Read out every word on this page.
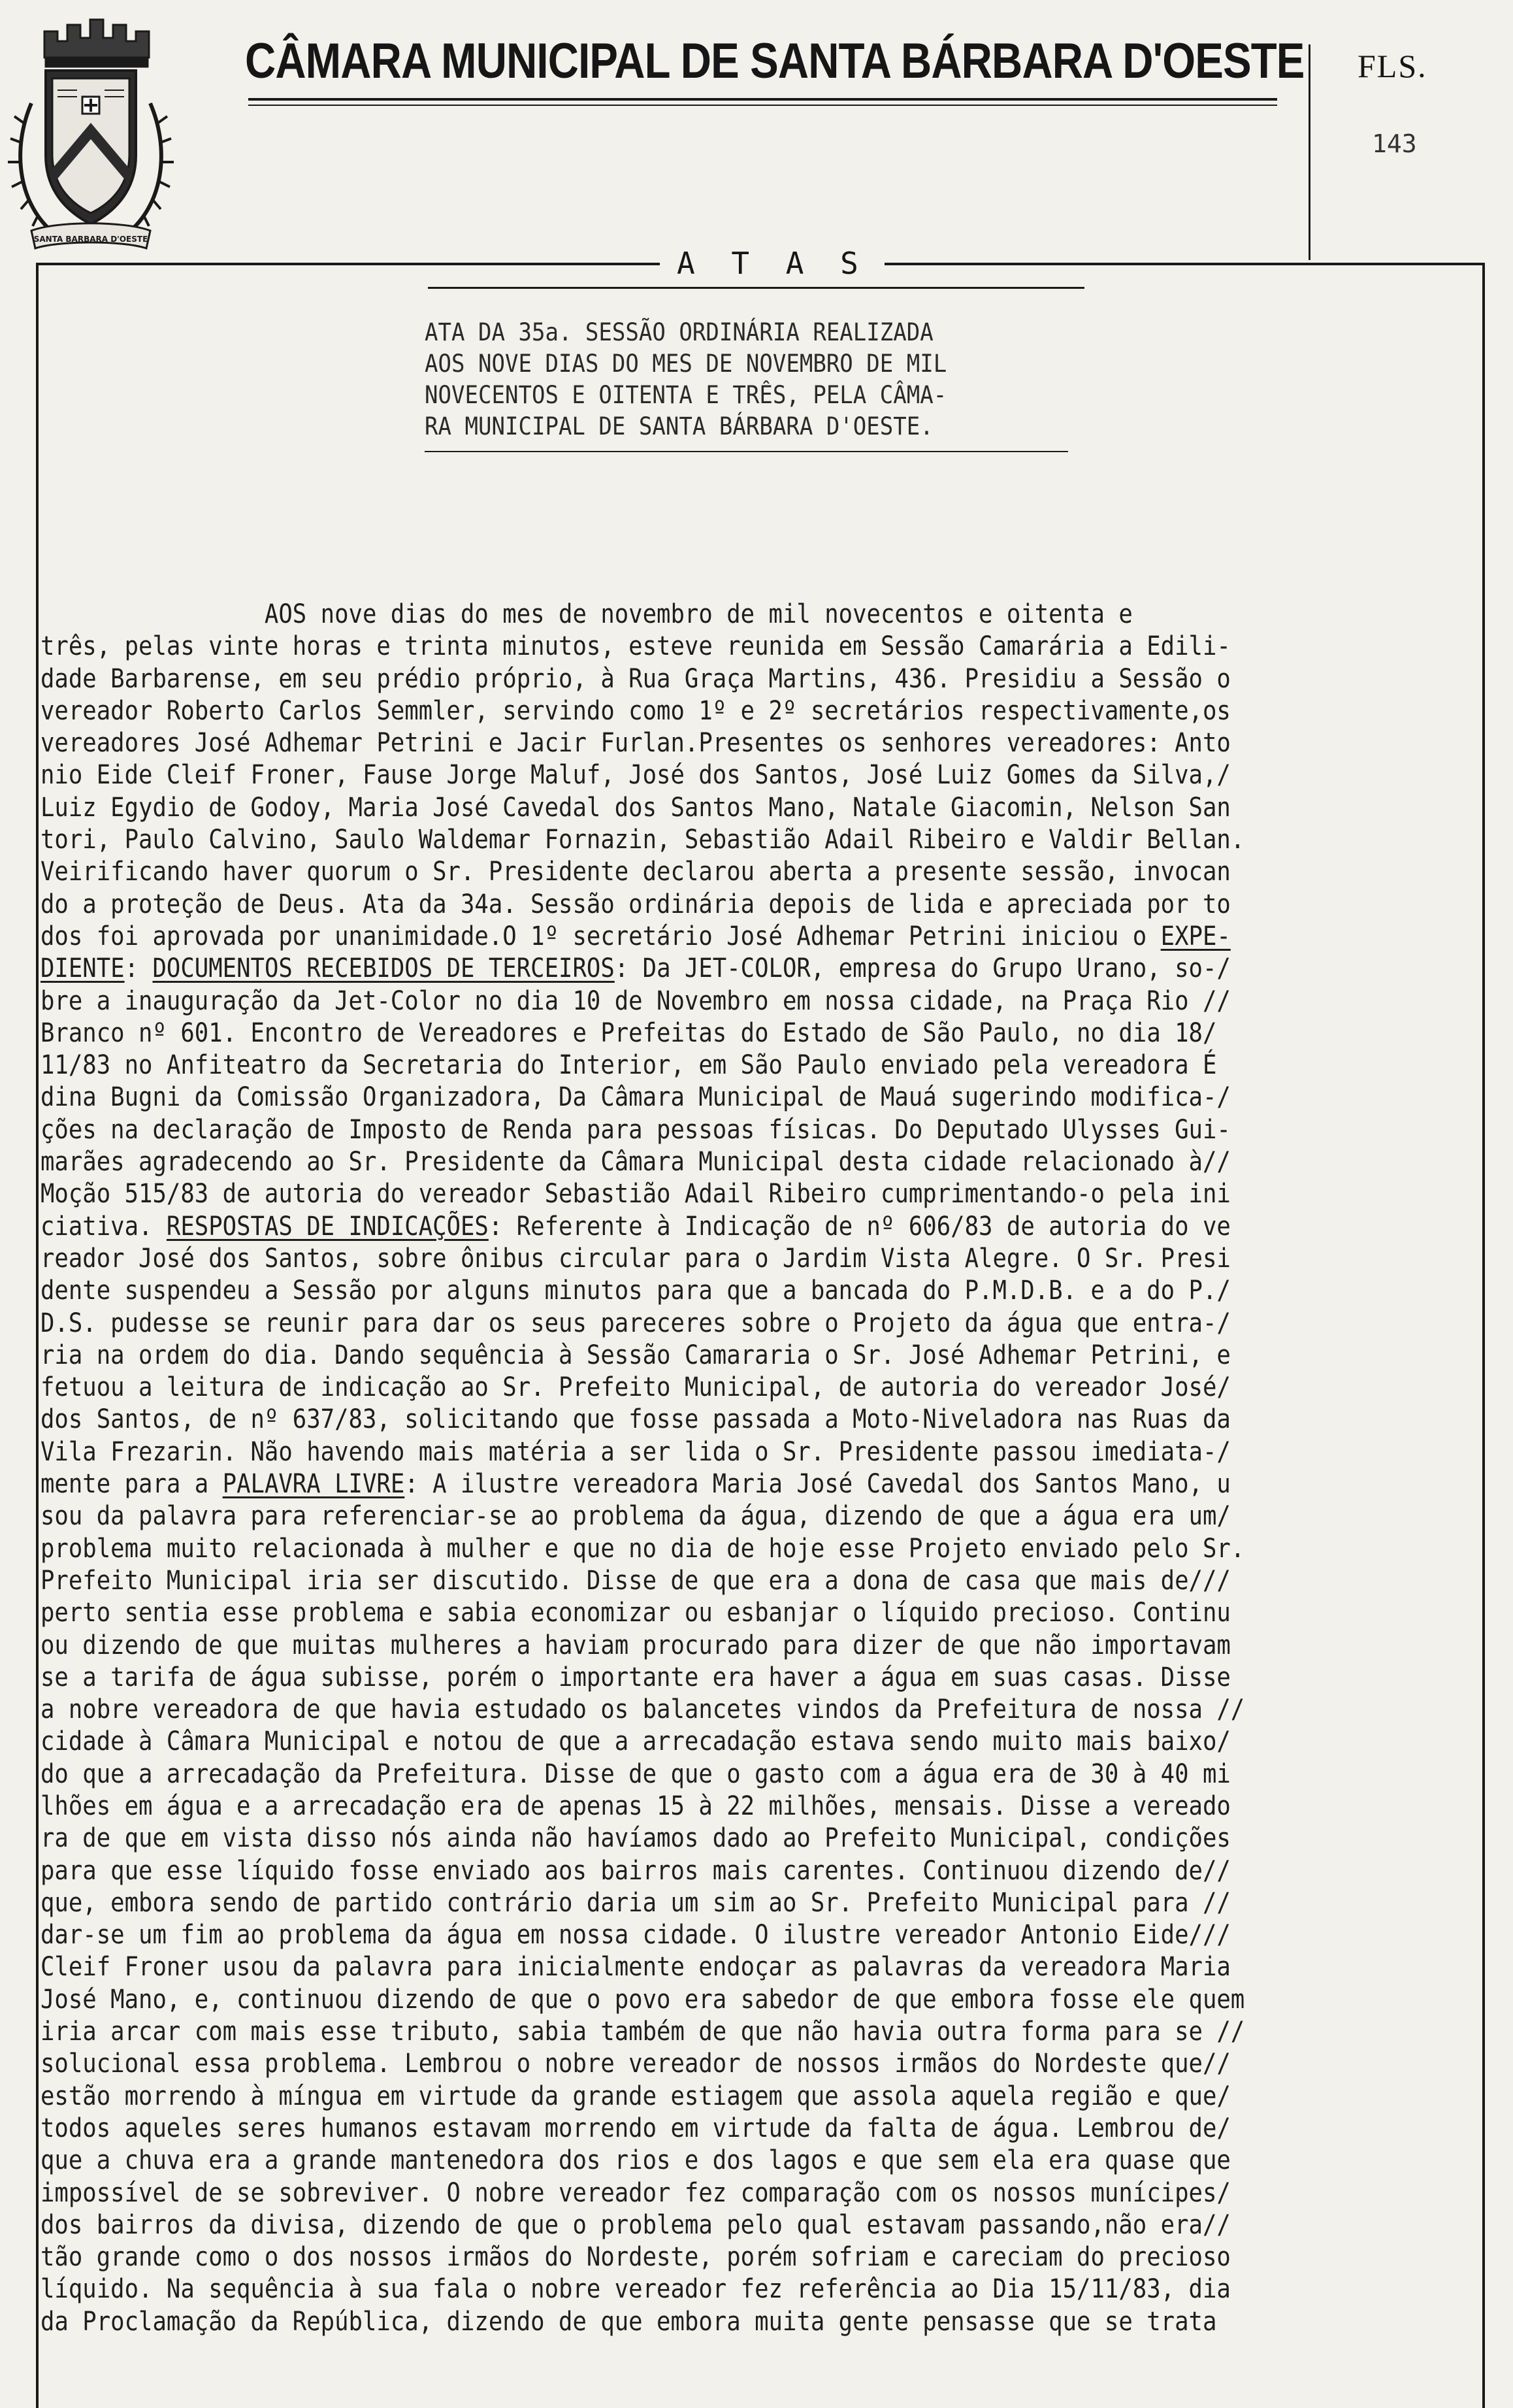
SANTA BARBARA D'OESTE
CÂMARA MUNICIPAL DE SANTA BÁRBARA D'OESTE FLS.
143
A T A S
ATA DA 35a. SESSÃO ORDINÁRIA REALIZADA
AOS NOVE DIAS DO MES DE NOVEMBRO DE MIL
NOVECENTOS E OITENTA E TRÊS, PELA CÂMA-
RA MUNICIPAL DE SANTA BÁRBARA D'OESTE.
AOS nove dias do mes de novembro de mil novecentos e oitenta e
três, pelas vinte horas e trinta minutos, esteve reunida em Sessão Camarária a Edili-
dade Barbarense, em seu prédio próprio, à Rua Graça Martins, 436. Presidiu a Sessão o
vereador Roberto Carlos Semmler, servindo como 1º e 2º secretários respectivamente,os
vereadores José Adhemar Petrini e Jacir Furlan.Presentes os senhores vereadores: Anto
nio Eide Cleif Froner, Fause Jorge Maluf, José dos Santos, José Luiz Gomes da Silva,/
Luiz Egydio de Godoy, Maria José Cavedal dos Santos Mano, Natale Giacomin, Nelson San
tori, Paulo Calvino, Saulo Waldemar Fornazin, Sebastião Adail Ribeiro e Valdir Bellan.
Veirificando haver quorum o Sr. Presidente declarou aberta a presente sessão, invocan
do a proteção de Deus. Ata da 34a. Sessão ordinária depois de lida e apreciada por to
dos foi aprovada por unanimidade.O 1º secretário José Adhemar Petrini iniciou o EXPE-
DIENTE: DOCUMENTOS RECEBIDOS DE TERCEIROS: Da JET-COLOR, empresa do Grupo Urano, so-/
bre a inauguração da Jet-Color no dia 10 de Novembro em nossa cidade, na Praça Rio //
Branco nº 601. Encontro de Vereadores e Prefeitas do Estado de São Paulo, no dia 18/
11/83 no Anfiteatro da Secretaria do Interior, em São Paulo enviado pela vereadora É
dina Bugni da Comissão Organizadora, Da Câmara Municipal de Mauá sugerindo modifica-/
ções na declaração de Imposto de Renda para pessoas físicas. Do Deputado Ulysses Gui-
marães agradecendo ao Sr. Presidente da Câmara Municipal desta cidade relacionado à//
Moção 515/83 de autoria do vereador Sebastião Adail Ribeiro cumprimentando-o pela ini
ciativa. RESPOSTAS DE INDICAÇÕES: Referente à Indicação de nº 606/83 de autoria do ve
reador José dos Santos, sobre ônibus circular para o Jardim Vista Alegre. O Sr. Presi
dente suspendeu a Sessão por alguns minutos para que a bancada do P.M.D.B. e a do P./
D.S. pudesse se reunir para dar os seus pareceres sobre o Projeto da água que entra-/
ria na ordem do dia. Dando sequência à Sessão Camararia o Sr. José Adhemar Petrini, e
fetuou a leitura de indicação ao Sr. Prefeito Municipal, de autoria do vereador José/
dos Santos, de nº 637/83, solicitando que fosse passada a Moto-Niveladora nas Ruas da
Vila Frezarin. Não havendo mais matéria a ser lida o Sr. Presidente passou imediata-/
mente para a PALAVRA LIVRE: A ilustre vereadora Maria José Cavedal dos Santos Mano, u
sou da palavra para referenciar-se ao problema da água, dizendo de que a água era um/
problema muito relacionada à mulher e que no dia de hoje esse Projeto enviado pelo Sr.
Prefeito Municipal iria ser discutido. Disse de que era a dona de casa que mais de///
perto sentia esse problema e sabia economizar ou esbanjar o líquido precioso. Continu
ou dizendo de que muitas mulheres a haviam procurado para dizer de que não importavam
se a tarifa de água subisse, porém o importante era haver a água em suas casas. Disse
a nobre vereadora de que havia estudado os balancetes vindos da Prefeitura de nossa //
cidade à Câmara Municipal e notou de que a arrecadação estava sendo muito mais baixo/
do que a arrecadação da Prefeitura. Disse de que o gasto com a água era de 30 à 40 mi
lhões em água e a arrecadação era de apenas 15 à 22 milhões, mensais. Disse a vereado
ra de que em vista disso nós ainda não havíamos dado ao Prefeito Municipal, condições
para que esse líquido fosse enviado aos bairros mais carentes. Continuou dizendo de//
que, embora sendo de partido contrário daria um sim ao Sr. Prefeito Municipal para //
dar-se um fim ao problema da água em nossa cidade. O ilustre vereador Antonio Eide///
Cleif Froner usou da palavra para inicialmente endoçar as palavras da vereadora Maria
José Mano, e, continuou dizendo de que o povo era sabedor de que embora fosse ele quem
iria arcar com mais esse tributo, sabia também de que não havia outra forma para se //
solucional essa problema. Lembrou o nobre vereador de nossos irmãos do Nordeste que//
estão morrendo à míngua em virtude da grande estiagem que assola aquela região e que/
todos aqueles seres humanos estavam morrendo em virtude da falta de água. Lembrou de/
que a chuva era a grande mantenedora dos rios e dos lagos e que sem ela era quase que
impossível de se sobreviver. O nobre vereador fez comparação com os nossos munícipes/
dos bairros da divisa, dizendo de que o problema pelo qual estavam passando,não era//
tão grande como o dos nossos irmãos do Nordeste, porém sofriam e careciam do precioso
líquido. Na sequência à sua fala o nobre vereador fez referência ao Dia 15/11/83, dia
da Proclamação da República, dizendo de que embora muita gente pensasse que se trata
